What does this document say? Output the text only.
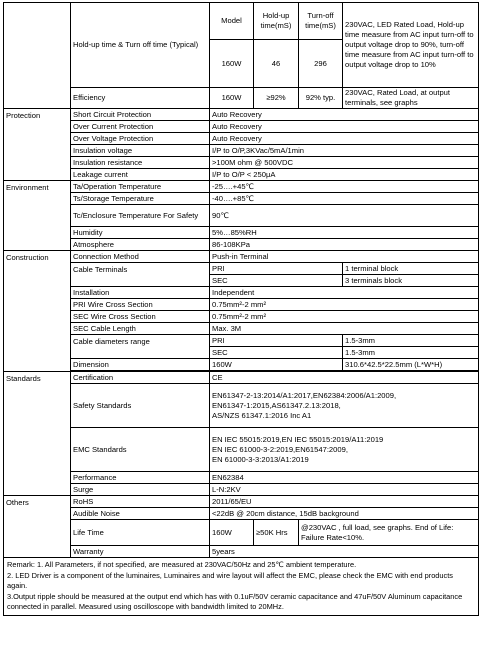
	Hold-up time & Turn off time (Typical)	Model	Hold-up time(mS)	Turn-off time(mS)	230VAC, LED Rated Load, Hold-up time measure from AC input turn-off to output voltage drop to 90%, turn-off time measure from AC input turn-off to output voltage drop to 10%
		160W	46	296	
	Efficiency	160W	≥92%	92% typ.	230VAC, Rated Load, at output terminals, see graphs
Protection	Short Circuit Protection	Auto Recovery			
	Over Current Protection	Auto Recovery			
	Over Voltage Protection	Auto Recovery			
	Insulation voltage	I/P to O/P,3KVac/5mA/1min			
	Insulation resistance	>100M ohm @ 500VDC			
	Leakage current	I/P to O/P < 250μA			
Environment	Ta/Operation Temperature	-25….+45℃			
	Ts/Storage Temperature	-40….+85℃			
	Tc/Enclosure Temperature For Safety	90℃			
	Humidity	5%…85%RH			
	Atmosphere	86-108KPa			
Construction	Connection Method	Push-in Terminal			
	Cable Terminals	PRI			1 terminal block
		SEC			3 terminals block
	Installation	Independent			
	PRI Wire Cross Section	0.75mm²-2 mm²			
	SEC Wire Cross Section	0.75mm²-2 mm²			
	SEC Cable Length	Max. 3M			
	Cable diameters range	PRI			1.5-3mm
		SEC			1.5-3mm
	Dimension	160W			310.6*42.5*22.5mm (L*W*H)

Standards	Certification	CE			
	Safety Standards	EN61347-2-13:2014/A1:2017,EN62384:2006/A1:2009,
EN61347-1:2015,AS61347.2.13:2018,
AS/NZS 61347.1:2016 Inc A1			

	EMC Standards	EN IEC 55015:2019,EN IEC 55015:2019/A11:2019
EN IEC 61000-3-2:2019,EN61547:2009,
EN 61000-3-3:2013/A1:2019			

	Performance	EN62384			
	Surge	L-N:2KV			
Others	RoHS	2011/65/EU			
	Audible Noise	<22dB @ 20cm distance, 15dB background			
	Life Time	160W	≥50K Hrs	@230VAC , full load, see graphs. End of Life: Failure Rate<10%.	
	Warranty	5years			

Remark: 1. All Parameters, if not specified, are measured at 230VAC/50Hz and 25℃ ambient temperature.
2. LED Driver is a component of the luminaires, Luminaires and wire layout will affect the EMC, please check the EMC with end products again.
3.Output ripple should be measured at the output end which has with 0.1uF/50V ceramic capacitance and 47uF/50V Aluminum capacitance connected in parallel. Measured using oscilloscope with bandwidth limited to 20MHz.					
